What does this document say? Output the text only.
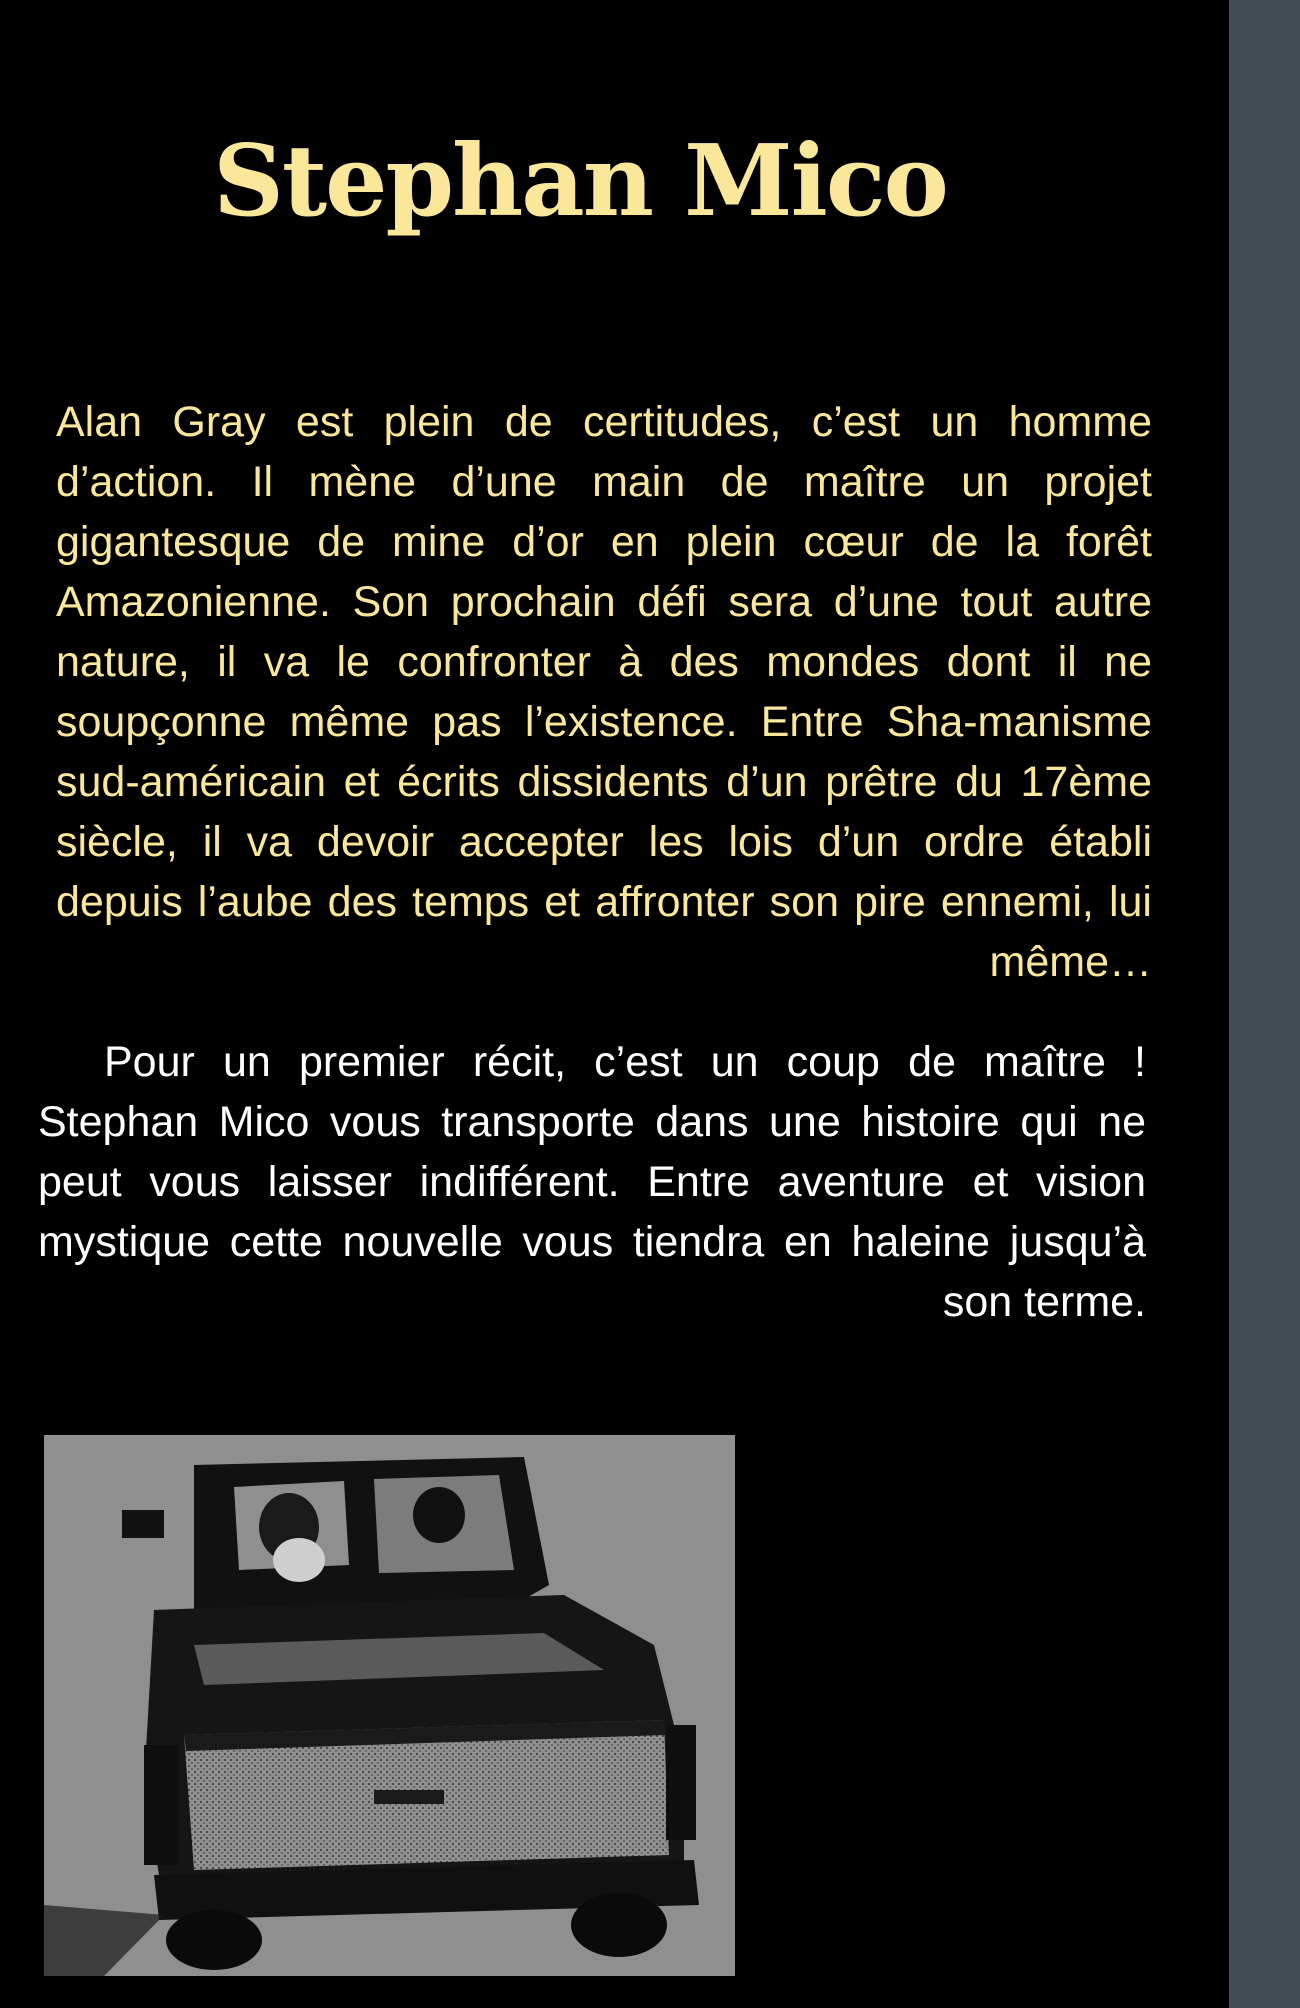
Stephan Mico

Alan Gray est plein de certitudes, c’est un homme d’action. Il mène d’une main de maître un projet gigantesque de mine d’or en plein cœur de la forêt Amazonienne. Son prochain défi sera d’une tout autre nature, il va le confronter à des mondes dont il ne soupçonne même pas l’existence. Entre Sha-manisme sud-américain et écrits dissidents d’un prêtre du 17ème siècle, il va devoir accepter les lois d’un ordre établi depuis l’aube des temps et affronter son pire ennemi, lui même…

Pour un premier récit, c’est un coup de maître ! Stephan Mico vous transporte dans une histoire qui ne peut vous laisser indifférent. Entre aventure et vision mystique cette nouvelle vous tiendra en haleine jusqu’à son terme.
